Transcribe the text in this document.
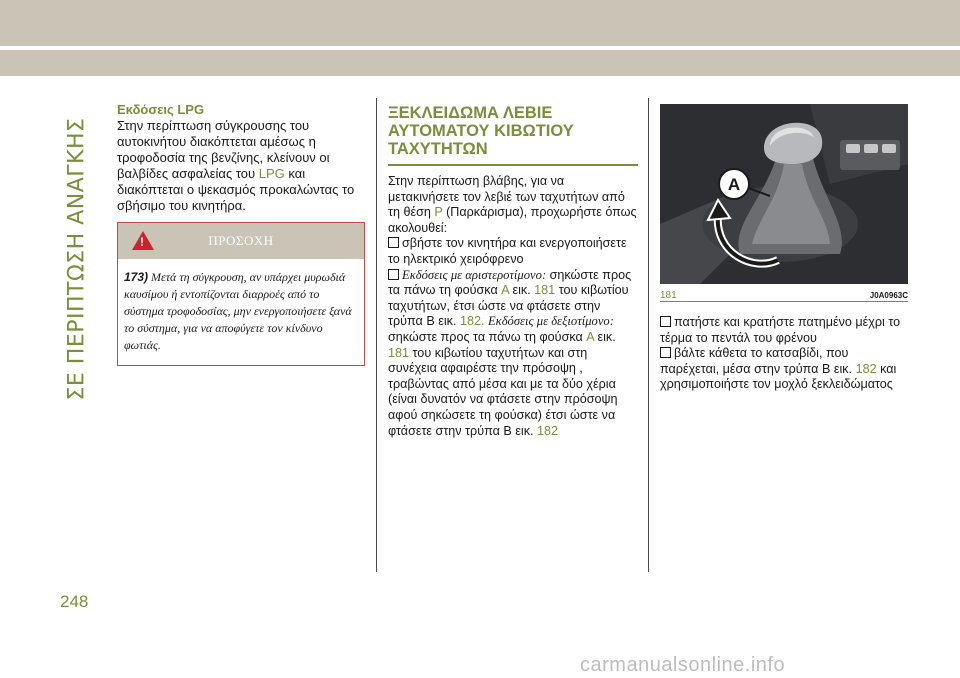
ΣΕ ΠΕΡΙΠΤΩΣΗ ΑΝΑΓΚΗΣ

Εκδόσεις LPG

Στην περίπτωση σύγκρουσης του αυτοκινήτου διακόπτεται αμέσως η τροφοδοσία της βενζίνης, κλείνουν οι βαλβίδες ασφαλείας του LPG και διακόπτεται ο ψεκασμός προκαλώντας το σβήσιμο του κινητήρα.

!	ΠΡΟΣΟΧΗ
173) Μετά τη σύγκρουση, αν υπάρχει μυρωδιά καυσίμου ή εντοπίζονται διαρροές από το σύστημα τροφοδοσίας, μην ενεργοποιήσετε ξανά το σύστημα, για να αποφύγετε τον κίνδυνο φωτιάς.
ΞΕΚΛΕΙΔΩΜΑ ΛΕΒΙΕ
ΑΥΤΟΜΑΤΟΥ ΚΙΒΩΤΙΟΥ
ΤΑΧΥΤΗΤΩΝ

Στην περίπτωση βλάβης, για να μετακινήσετε τον λεβιέ των ταχυτήτων από τη θέση P (Παρκάρισμα), προχωρήστε όπως ακολουθεί:

σβήστε τον κινητήρα και ενεργοποιήσετε το ηλεκτρικό χειρόφρενο

Εκδόσεις με αριστεροτίμονο: σηκώστε προς τα πάνω τη φούσκα A εικ. 181 του κιβωτίου ταχυτήτων, έτσι ώστε να φτάσετε στην τρύπα Β εικ. 182. Εκδόσεις με δεξιοτίμονο: σηκώστε προς τα πάνω τη φούσκα A εικ. 181 του κιβωτίου ταχυτήτων και στη συνέχεια αφαιρέστε την πρόσοψη , τραβώντας από μέσα και με τα δύο χέρια (είναι δυνατόν να φτάσετε στην πρόσοψη αφού σηκώσετε τη φούσκα) έτσι ώστε να φτάσετε στην τρύπα Β εικ. 182

A
181	J0A0963C

πατήστε και κρατήστε πατημένο μέχρι το τέρμα το πεντάλ του φρένου

βάλτε κάθετα το κατσαβίδι, που παρέχεται, μέσα στην τρύπα Β εικ. 182 και χρησιμοποιήστε τον μοχλό ξεκλειδώματος

248
carmanualsonline.info
